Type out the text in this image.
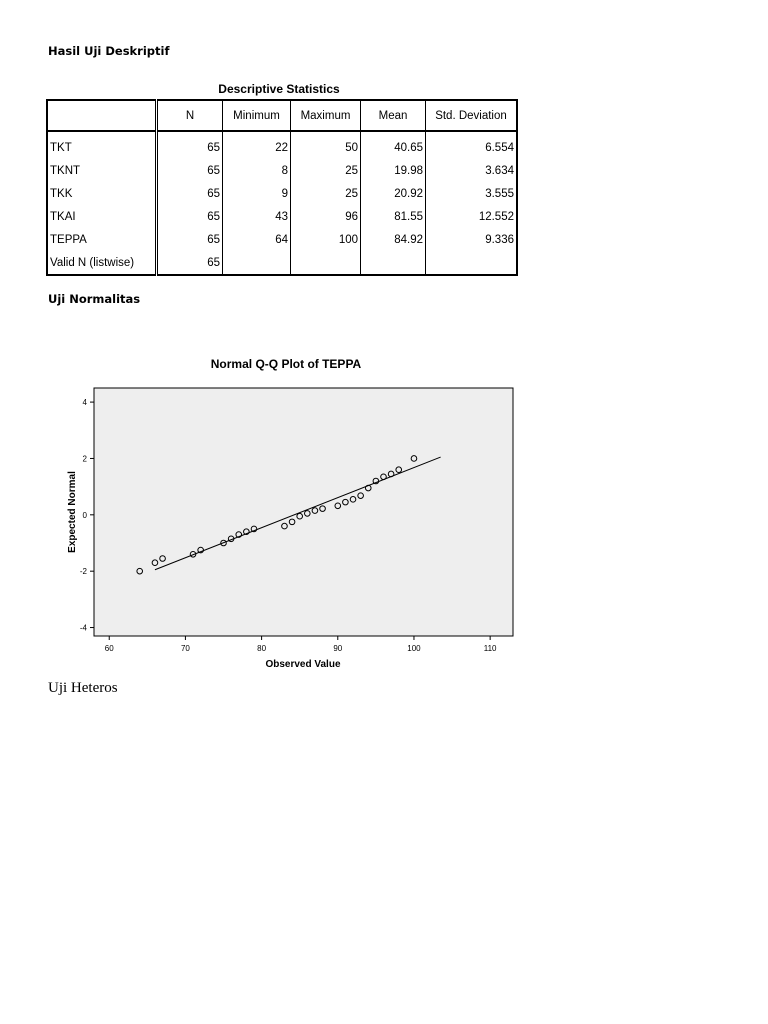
Hasil Uji Deskriptif
Descriptive Statistics
	N	Minimum	Maximum	Mean	Std. Deviation
TKT	65	22	50	40.65	6.554
TKNT	65	8	25	19.98	3.634
TKK	65	9	25	20.92	3.555
TKAI	65	43	96	81.55	12.552
TEPPA	65	64	100	84.92	9.336
Valid N (listwise)	65				
Uji Normalitas
Normal Q-Q Plot of TEPPA
4
2
0
-2
-4
60	70	80	90	100	110
Observed Value
Expected Normal
Uji Heteros
